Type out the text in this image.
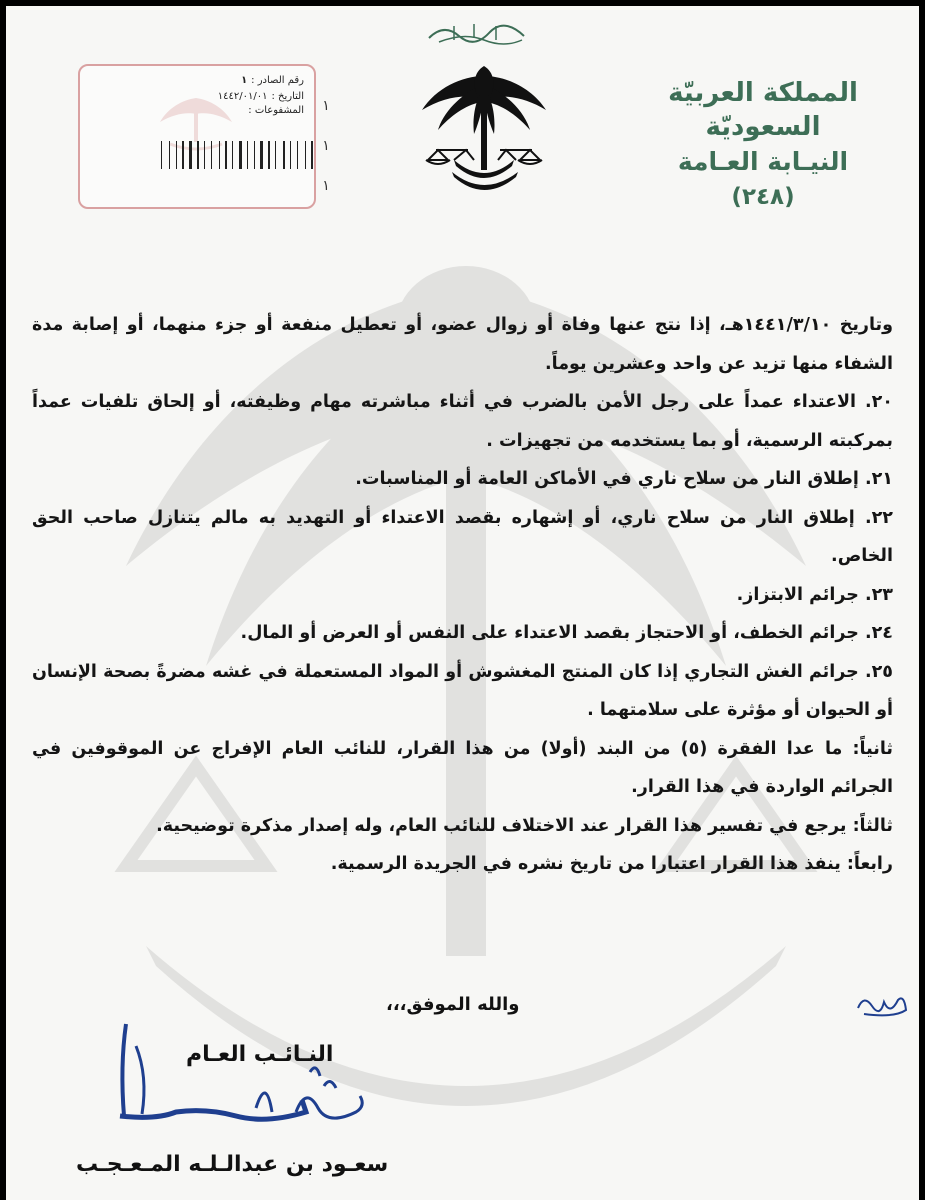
المملكة العربيّة السعوديّة
النيـابة العـامة
(٢٤٨)
رقم الصادر :
١
التاريخ :
١٤٤٢/٠١/٠١
المشفوعات : ١
١
١

وتاريخ ١٤٤١/٣/١٠هـ، إذا نتج عنها وفاة أو زوال عضو، أو تعطيل منفعة أو جزء منهما، أو إصابة مدة الشفاء منها تزيد عن واحد وعشرين يوماً.

٢٠. الاعتداء عمداً على رجل الأمن بالضرب في أثناء مباشرته مهام وظيفته، أو إلحاق تلفيات عمداً بمركبته الرسمية، أو بما يستخدمه من تجهيزات .

٢١. إطلاق النار من سلاح ناري في الأماكن العامة أو المناسبات.

٢٢. إطلاق النار من سلاح ناري، أو إشهاره بقصد الاعتداء أو التهديد به مالم يتنازل صاحب الحق الخاص.

٢٣. جرائم الابتزاز.

٢٤. جرائم الخطف، أو الاحتجاز بقصد الاعتداء على النفس أو العرض أو المال.

٢٥. جرائم الغش التجاري إذا كان المنتج المغشوش أو المواد المستعملة في غشه مضرةً بصحة الإنسان أو الحيوان أو مؤثرة على سلامتهما .

ثانياً: ما عدا الفقرة (٥) من البند (أولا) من هذا القرار، للنائب العام الإفراج عن الموقوفين في الجرائم الواردة في هذا القرار.

ثالثاً: يرجع في تفسير هذا القرار عند الاختلاف للنائب العام، وله إصدار مذكرة توضيحية.

رابعاً: ينفذ هذا القرار اعتبارا من تاريخ نشره في الجريدة الرسمية.

والله الموفق،،،
النـائـب العـام
سعـود بن عبدالـلـه المـعـجـب
